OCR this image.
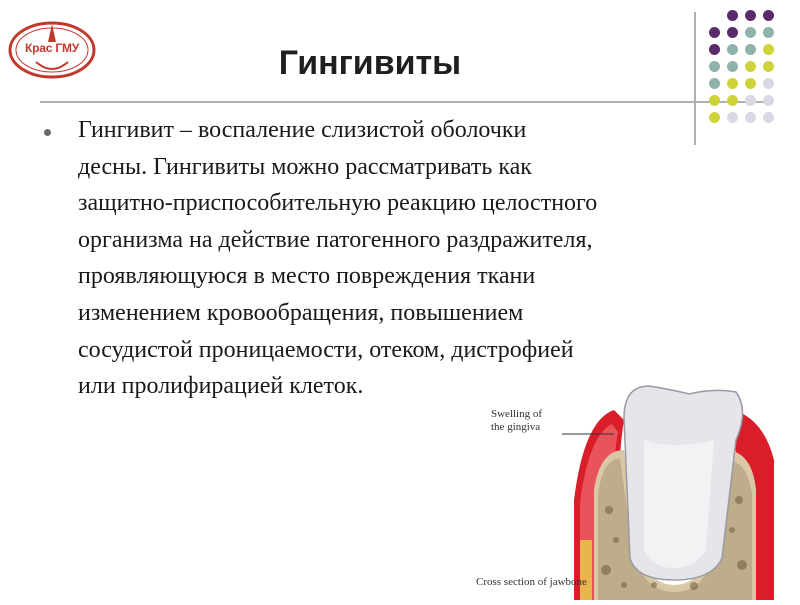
Крас ГМУ	Гингивиты
Гингивит – воспаление слизистой оболочки
десны. Гингивиты можно рассматривать как
защитно-приспособительную реакцию целостного
организма на действие патогенного раздражителя,
проявляющуюся в место повреждения ткани
изменением кровообращения, повышением
сосудистой проницаемости, отеком, дистрофией
или пролифирацией клеток.
Swelling of
the gingiva
Cross section of jawbone
